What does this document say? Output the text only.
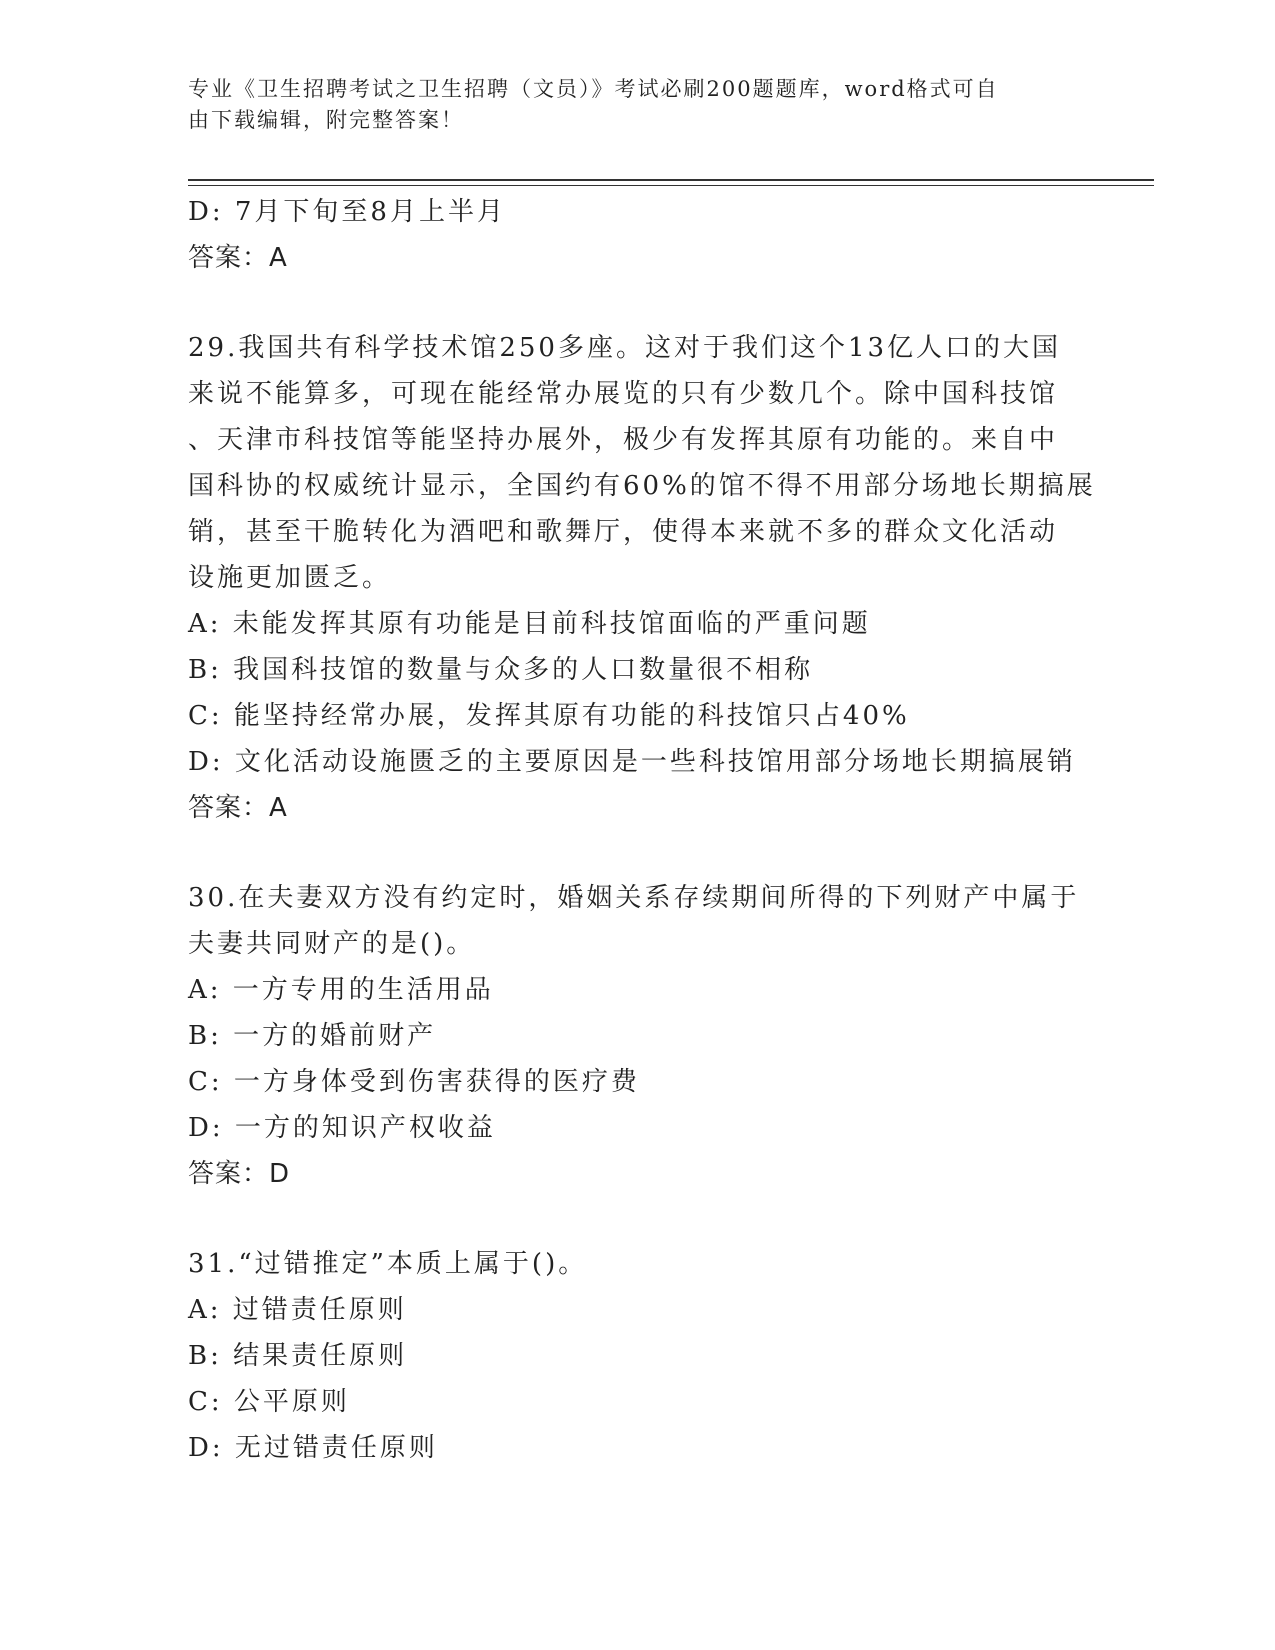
专业《卫生招聘考试之卫生招聘（文员）》考试必刷200题题库，word格式可自
由下载编辑，附完整答案！
D: 7月下旬至8月上半月
答案：A
29.我国共有科学技术馆250多座。这对于我们这个13亿人口的大国
来说不能算多，可现在能经常办展览的只有少数几个。除中国科技馆
、天津市科技馆等能坚持办展外，极少有发挥其原有功能的。来自中
国科协的权威统计显示，全国约有60%的馆不得不用部分场地长期搞展
销，甚至干脆转化为酒吧和歌舞厅，使得本来就不多的群众文化活动
设施更加匮乏。
A: 未能发挥其原有功能是目前科技馆面临的严重问题
B: 我国科技馆的数量与众多的人口数量很不相称
C: 能坚持经常办展，发挥其原有功能的科技馆只占40%
D: 文化活动设施匮乏的主要原因是一些科技馆用部分场地长期搞展销
答案：A
30.在夫妻双方没有约定时，婚姻关系存续期间所得的下列财产中属于
夫妻共同财产的是()。
A: 一方专用的生活用品
B: 一方的婚前财产
C: 一方身体受到伤害获得的医疗费
D: 一方的知识产权收益
答案：D
31.“过错推定”本质上属于()。
A: 过错责任原则
B: 结果责任原则
C: 公平原则
D: 无过错责任原则
